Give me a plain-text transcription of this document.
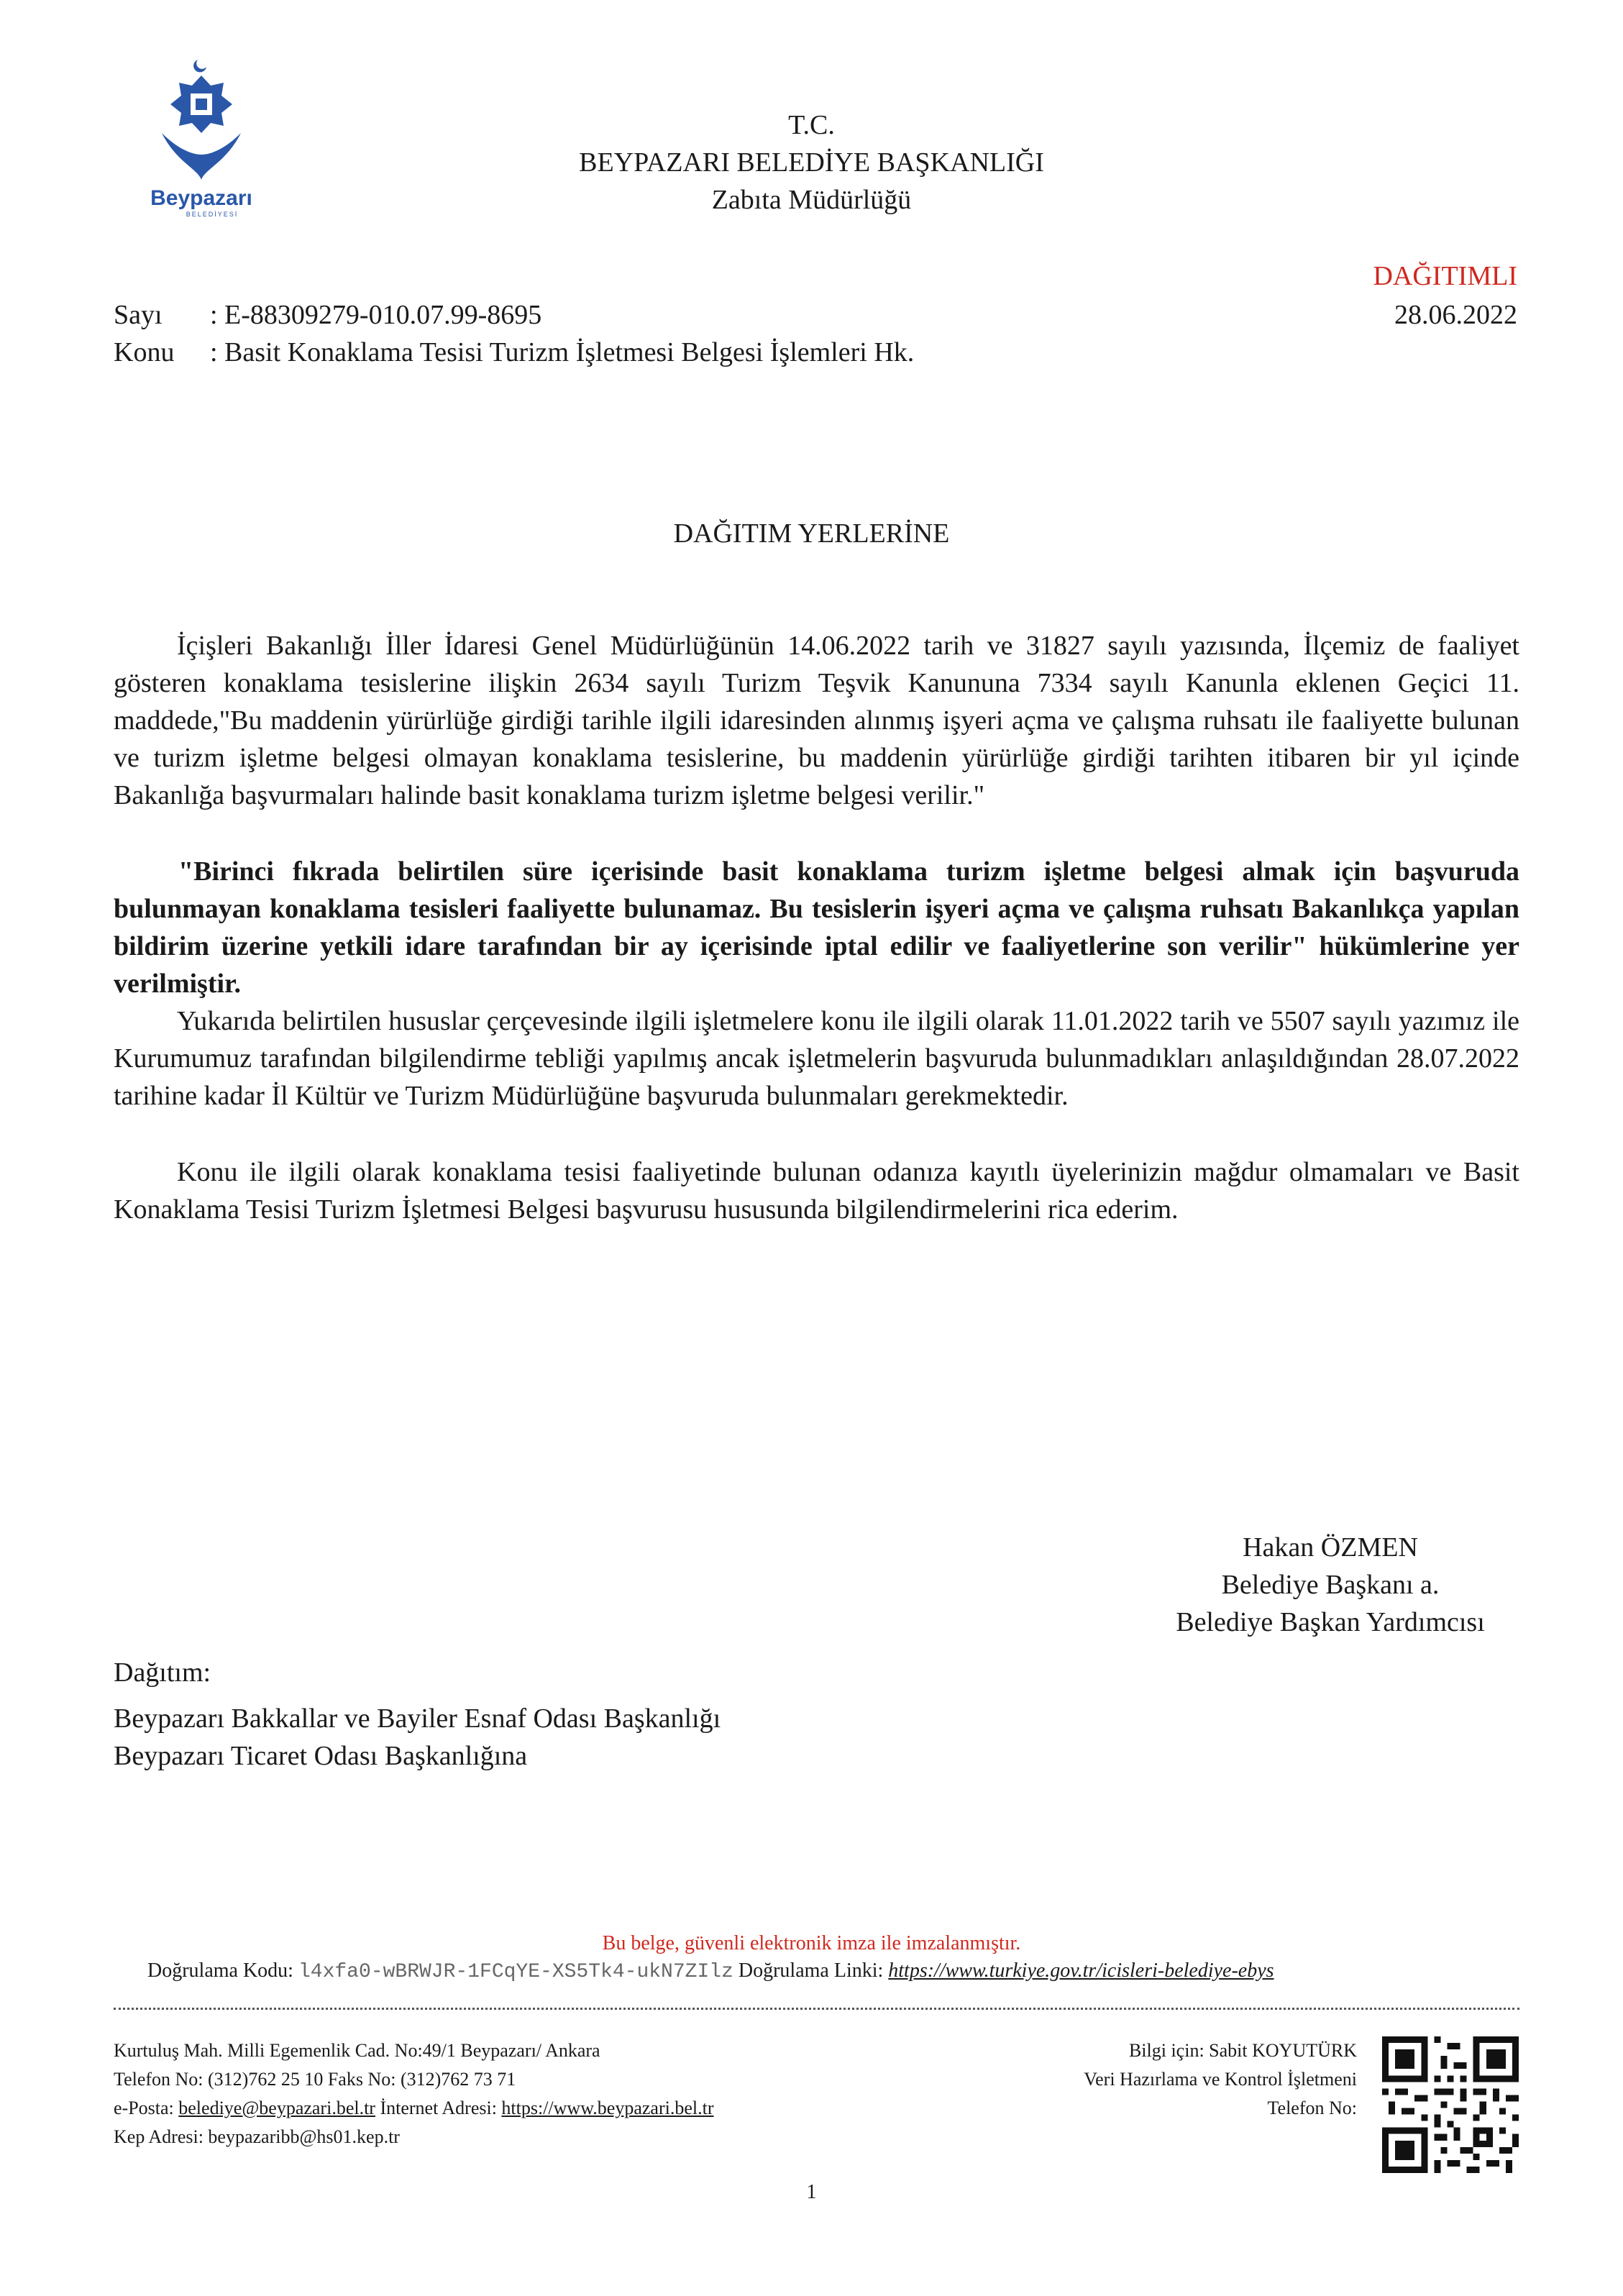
Beypazarı
BELEDİYESİ
T.C.
BEYPAZARI BELEDİYE BAŞKANLIĞI
Zabıta Müdürlüğü
DAĞITIMLI
Sayı : E-88309279-010.07.99-8695	28.06.2022
Konu : Basit Konaklama Tesisi Turizm İşletmesi Belgesi İşlemleri Hk.
DAĞITIM YERLERİNE
İçişleri Bakanlığı İller İdaresi Genel Müdürlüğünün 14.06.2022 tarih ve 31827 sayılı yazısında, İlçemiz de faaliyet gösteren konaklama tesislerine ilişkin 2634 sayılı Turizm Teşvik Kanununa 7334 sayılı Kanunla eklenen Geçici 11. maddede,"Bu maddenin yürürlüğe girdiği tarihle ilgili idaresinden alınmış işyeri açma ve çalışma ruhsatı ile faaliyette bulunan ve turizm işletme belgesi olmayan konaklama tesislerine, bu maddenin yürürlüğe girdiği tarihten itibaren bir yıl içinde Bakanlığa başvurmaları halinde basit konaklama turizm işletme belgesi verilir."
"Birinci fıkrada belirtilen süre içerisinde basit konaklama turizm işletme belgesi almak için başvuruda bulunmayan konaklama tesisleri faaliyette bulunamaz. Bu tesislerin işyeri açma ve çalışma ruhsatı Bakanlıkça yapılan bildirim üzerine yetkili idare tarafından bir ay içerisinde iptal edilir ve faaliyetlerine son verilir" hükümlerine yer verilmiştir.
Yukarıda belirtilen hususlar çerçevesinde ilgili işletmelere konu ile ilgili olarak 11.01.2022 tarih ve 5507 sayılı yazımız ile Kurumumuz tarafından bilgilendirme tebliği yapılmış ancak işletmelerin başvuruda bulunmadıkları anlaşıldığından 28.07.2022 tarihine kadar İl Kültür ve Turizm Müdürlüğüne başvuruda bulunmaları gerekmektedir.
Konu ile ilgili olarak konaklama tesisi faaliyetinde bulunan odanıza kayıtlı üyelerinizin mağdur olmamaları ve Basit Konaklama Tesisi Turizm İşletmesi Belgesi başvurusu hususunda bilgilendirmelerini rica ederim.
Hakan ÖZMEN
Belediye Başkanı a.
Belediye Başkan Yardımcısı
Dağıtım:
Beypazarı Bakkallar ve Bayiler Esnaf Odası Başkanlığı
Beypazarı Ticaret Odası Başkanlığına
Bu belge, güvenli elektronik imza ile imzalanmıştır.
Doğrulama Kodu: l4xfa0-wBRWJR-1FCqYE-XS5Tk4-ukN7ZIlz Doğrulama Linki: https://www.turkiye.gov.tr/icisleri-belediye-ebys
Kurtuluş Mah. Milli Egemenlik Cad. No:49/1 Beypazarı/ Ankara
Telefon No: (312)762 25 10 Faks No: (312)762 73 71
e-Posta: belediye@beypazari.bel.tr İnternet Adresi: https://www.beypazari.bel.tr
Kep Adresi: beypazaribb@hs01.kep.tr
Bilgi için: Sabit KOYUTÜRK
Veri Hazırlama ve Kontrol İşletmeni
Telefon No:
1
